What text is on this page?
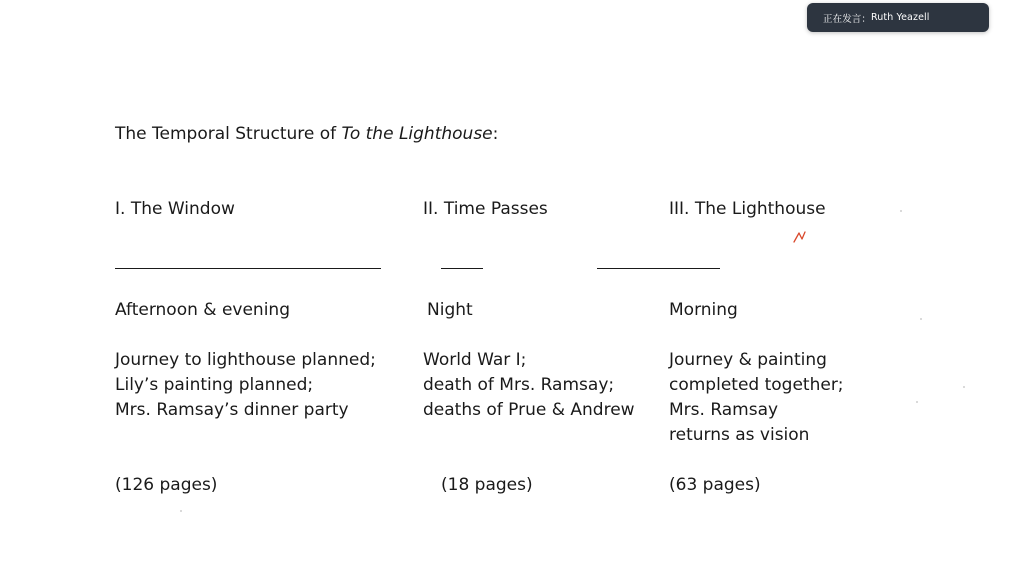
The Temporal Structure of To the Lighthouse:
I. The Window
Afternoon & evening
Journey to lighthouse planned;
Lily’s painting planned;
Mrs. Ramsay’s dinner party
(126 pages)
II. Time Passes
Night
World War I;
death of Mrs. Ramsay;
deaths of Prue & Andrew
(18 pages)
III. The Lighthouse
Morning
Journey & painting
completed together;
Mrs. Ramsay
returns as vision
(63 pages)
正在发言： Ruth Yeazell
